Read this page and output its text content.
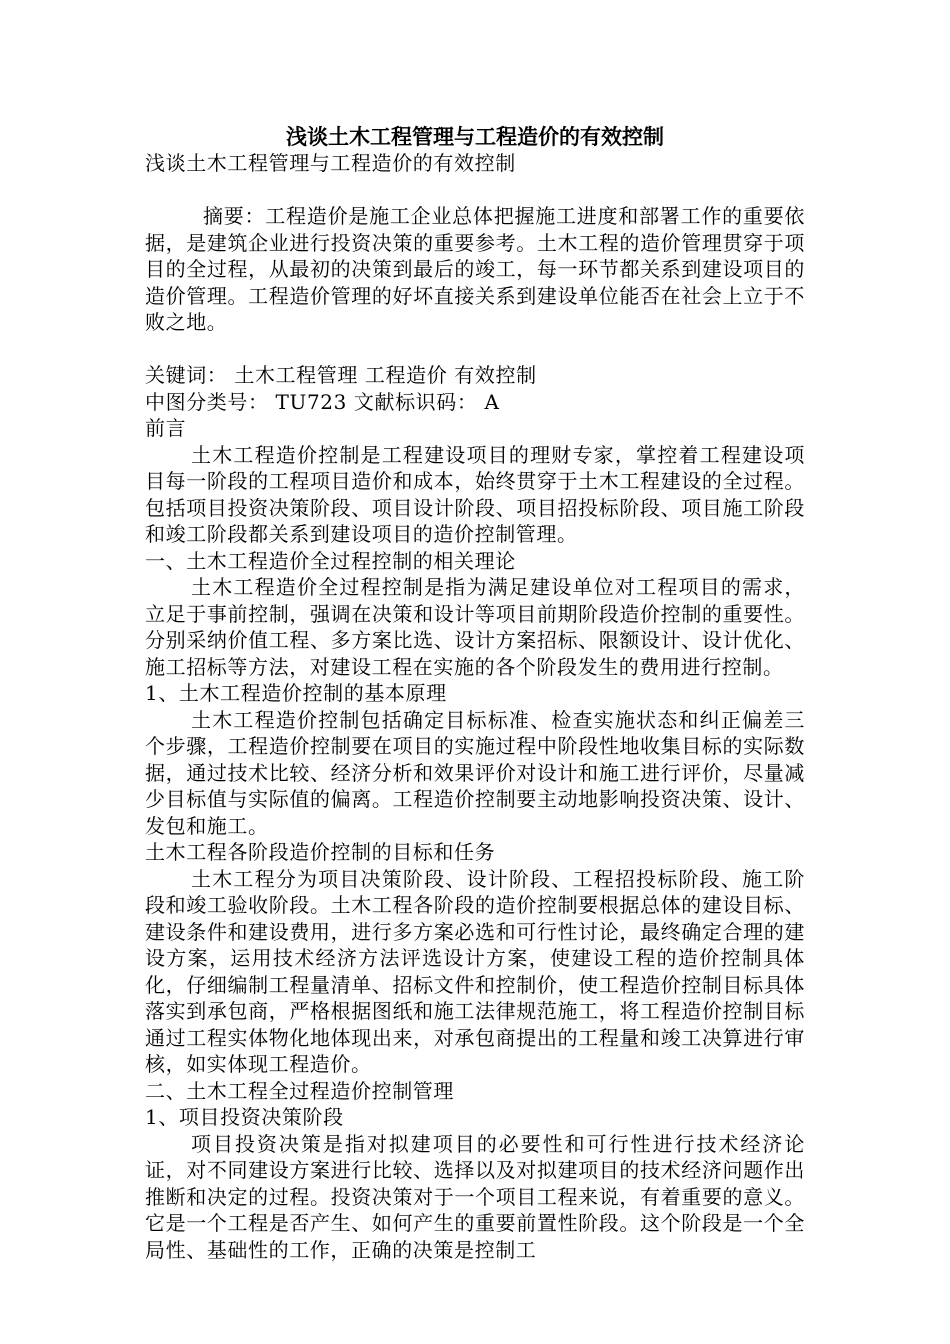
浅谈土木工程管理与工程造价的有效控制

浅谈土木工程管理与工程造价的有效控制

摘要：工程造价是施工企业总体把握施工进度和部署工作的重要依据，是建筑企业进行投资决策的重要参考。土木工程的造价管理贯穿于项目的全过程，从最初的决策到最后的竣工，每一环节都关系到建设项目的造价管理。工程造价管理的好坏直接关系到建设单位能否在社会上立于不败之地。

关键词： 土木工程管理 工程造价 有效控制

中图分类号： TU723 文献标识码： A

前言

土木工程造价控制是工程建设项目的理财专家，掌控着工程建设项目每一阶段的工程项目造价和成本，始终贯穿于土木工程建设的全过程。包括项目投资决策阶段、项目设计阶段、项目招投标阶段、项目施工阶段和竣工阶段都关系到建设项目的造价控制管理。

一、土木工程造价全过程控制的相关理论

土木工程造价全过程控制是指为满足建设单位对工程项目的需求，立足于事前控制，强调在决策和设计等项目前期阶段造价控制的重要性。分别采纳价值工程、多方案比选、设计方案招标、限额设计、设计优化、施工招标等方法，对建设工程在实施的各个阶段发生的费用进行控制。

1、土木工程造价控制的基本原理

土木工程造价控制包括确定目标标准、检查实施状态和纠正偏差三个步骤，工程造价控制要在项目的实施过程中阶段性地收集目标的实际数据，通过技术比较、经济分析和效果评价对设计和施工进行评价，尽量减少目标值与实际值的偏离。工程造价控制要主动地影响投资决策、设计、发包和施工。

土木工程各阶段造价控制的目标和任务

土木工程分为项目决策阶段、设计阶段、工程招投标阶段、施工阶段和竣工验收阶段。土木工程各阶段的造价控制要根据总体的建设目标、建设条件和建设费用，进行多方案必选和可行性讨论，最终确定合理的建设方案，运用技术经济方法评选设计方案，使建设工程的造价控制具体化，仔细编制工程量清单、招标文件和控制价，使工程造价控制目标具体落实到承包商，严格根据图纸和施工法律规范施工，将工程造价控制目标通过工程实体物化地体现出来，对承包商提出的工程量和竣工决算进行审核，如实体现工程造价。

二、土木工程全过程造价控制管理

1、项目投资决策阶段

项目投资决策是指对拟建项目的必要性和可行性进行技术经济论证，对不同建设方案进行比较、选择以及对拟建项目的技术经济问题作出推断和决定的过程。投资决策对于一个项目工程来说，有着重要的意义。它是一个工程是否产生、如何产生的重要前置性阶段。这个阶段是一个全局性、基础性的工作，正确的决策是控制工
